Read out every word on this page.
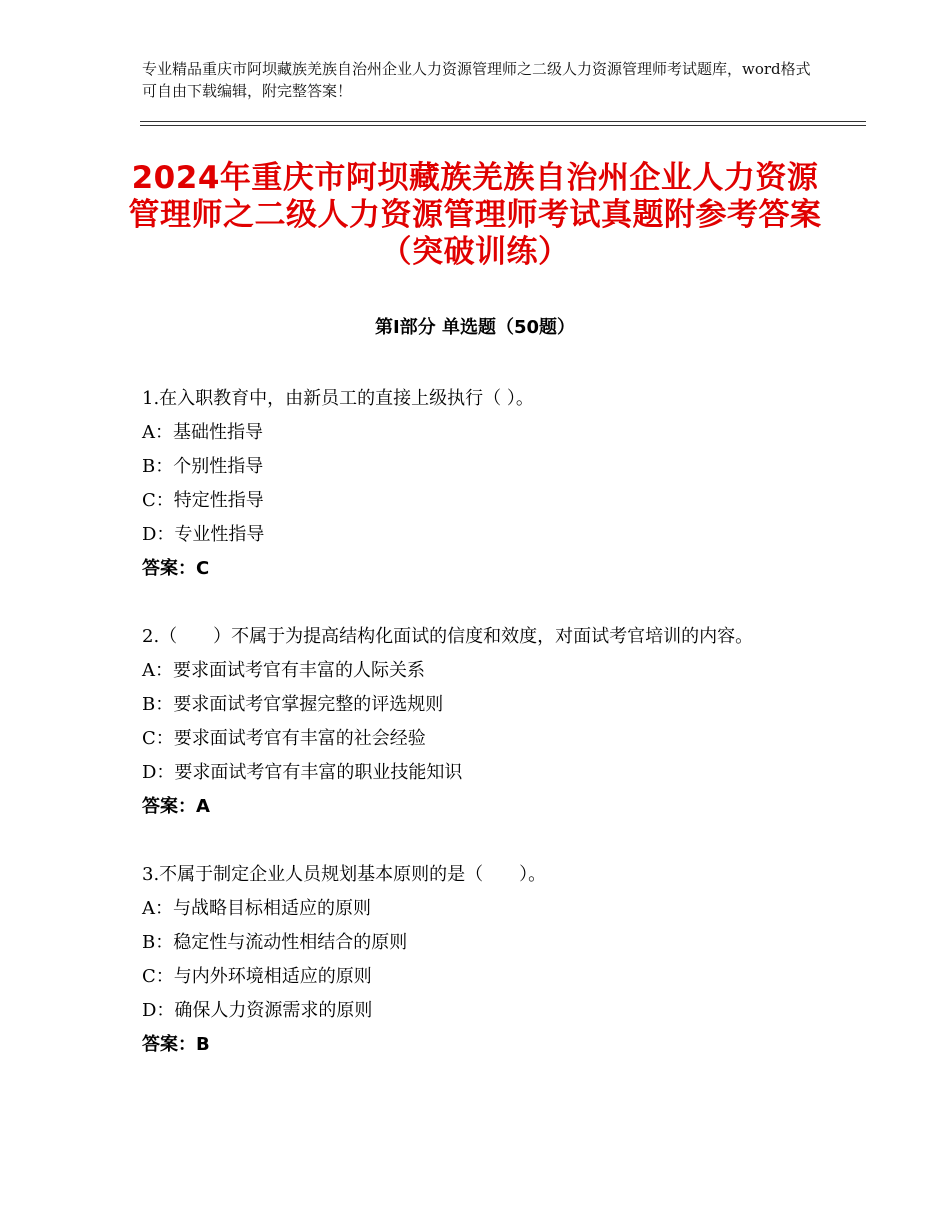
专业精品重庆市阿坝藏族羌族自治州企业人力资源管理师之二级人力资源管理师考试题库，word格式可自由下载编辑，附完整答案！
2024年重庆市阿坝藏族羌族自治州企业人力资源管理师之二级人力资源管理师考试真题附参考答案（突破训练）
第Ⅰ部分 单选题（50题）

1.在入职教育中，由新员工的直接上级执行（ ）。

A：基础性指导

B：个别性指导

C：特定性指导

D：专业性指导

答案：C

2.（　　）不属于为提高结构化面试的信度和效度，对面试考官培训的内容。

A：要求面试考官有丰富的人际关系

B：要求面试考官掌握完整的评选规则

C：要求面试考官有丰富的社会经验

D：要求面试考官有丰富的职业技能知识

答案：A

3.不属于制定企业人员规划基本原则的是（　　）。

A：与战略目标相适应的原则

B：稳定性与流动性相结合的原则

C：与内外环境相适应的原则

D：确保人力资源需求的原则

答案：B
